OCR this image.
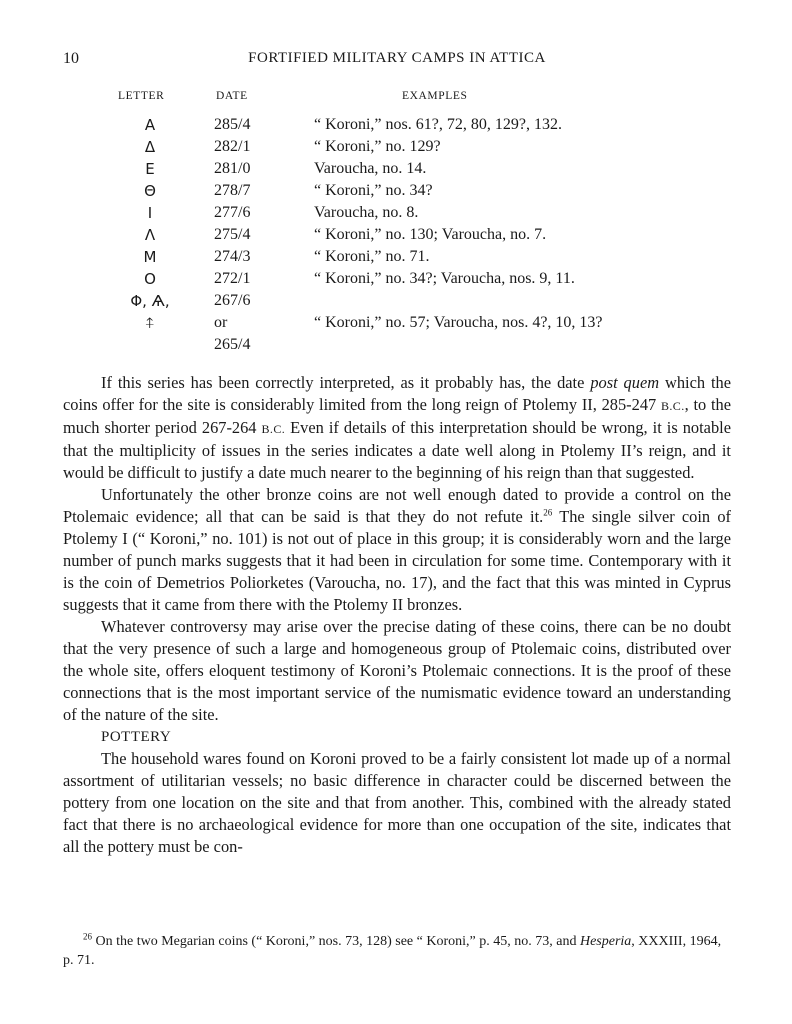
10	FORTIFIED MILITARY CAMPS IN ATTICA
LETTER	DATE	EXAMPLES
Α	285/4	“ Koroni,” nos. 61?, 72, 80, 129?, 132.
Δ	282/1	“ Koroni,” no. 129?
Ε	281/0	Varoucha, no. 14.
Θ	278/7	“ Koroni,” no. 34?
Ι	277/6	Varoucha, no. 8.
Λ	275/4	“ Koroni,” no. 130; Varoucha, no. 7.
Μ	274/3	“ Koroni,” no. 71.
Ο	272/1	“ Koroni,” no. 34?; Varoucha, nos. 9, 11.
Φ, Ѧ,	267/6
⍏	or	“ Koroni,” no. 57; Varoucha, nos. 4?, 10, 13?
265/4

If this series has been correctly interpreted, as it probably has, the date post quem which the coins offer for the site is considerably limited from the long reign of Ptolemy II, 285-247 B.C., to the much shorter period 267-264 B.C. Even if details of this interpretation should be wrong, it is notable that the multiplicity of issues in the series indicates a date well along in Ptolemy II’s reign, and it would be difficult to justify a date much nearer to the beginning of his reign than that suggested.

Unfortunately the other bronze coins are not well enough dated to provide a control on the Ptolemaic evidence; all that can be said is that they do not refute it.$^{26}$ The single silver coin of Ptolemy I (“ Koroni,” no. 101) is not out of place in this group; it is considerably worn and the large number of punch marks suggests that it had been in circulation for some time. Contemporary with it is the coin of Demetrios Poliorketes (Varoucha, no. 17), and the fact that this was minted in Cyprus suggests that it came from there with the Ptolemy II bronzes.

Whatever controversy may arise over the precise dating of these coins, there can be no doubt that the very presence of such a large and homogeneous group of Ptolemaic coins, distributed over the whole site, offers eloquent testimony of Koroni’s Ptolemaic connections. It is the proof of these connections that is the most important service of the numismatic evidence toward an understanding of the nature of the site.

POTTERY

The household wares found on Koroni proved to be a fairly consistent lot made up of a normal assortment of utilitarian vessels; no basic difference in character could be discerned between the pottery from one location on the site and that from another. This, combined with the already stated fact that there is no archaeological evidence for more than one occupation of the site, indicates that all the pottery must be con-

$^{26}$ On the two Megarian coins (“ Koroni,” nos. 73, 128) see “ Koroni,” p. 45, no. 73, and Hesperia, XXXIII, 1964, p. 71.
